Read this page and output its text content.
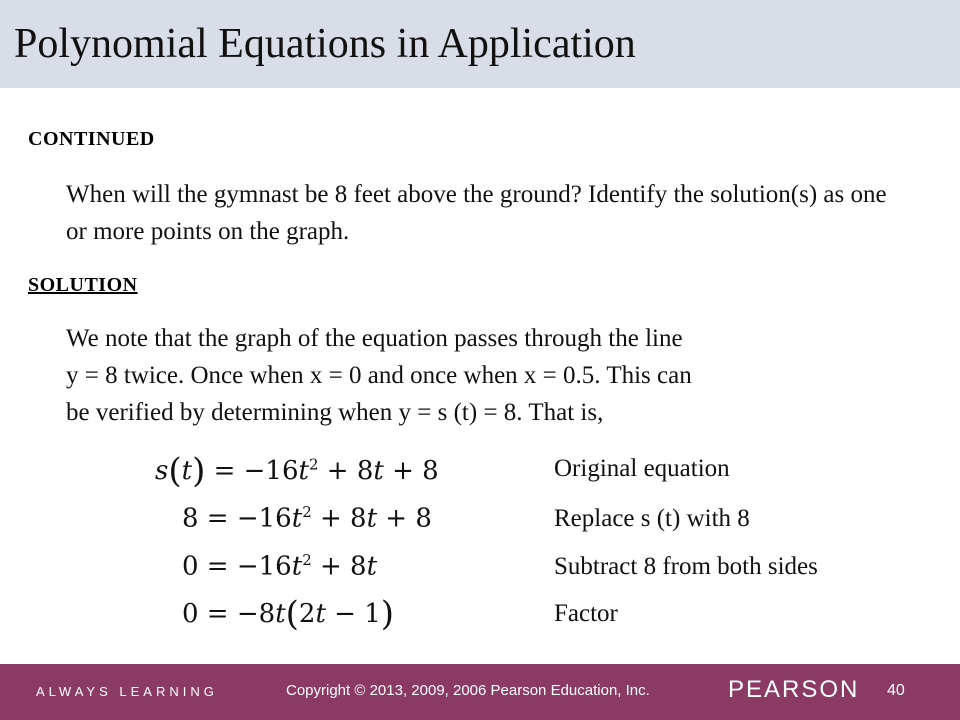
Polynomial Equations in Application
CONTINUED
When will the gymnast be 8 feet above the ground? Identify the solution(s) as one or more points on the graph.
SOLUTION
We note that the graph of the equation passes through the line
y = 8 twice. Once when x = 0 and once when x = 0.5. This can
be verified by determining when y = s (t) = 8. That is,
$s(t) = -16t^2 + 8t + 8$	Original equation
$8 = -16t^2 + 8t + 8$	Replace s (t) with 8
$0 = -16t^2 + 8t$	Subtract 8 from both sides
0 = −8t(2t − 1)	Factor
ALWAYS LEARNING	Copyright © 2013, 2009, 2006 Pearson Education, Inc.	PEARSON 40
